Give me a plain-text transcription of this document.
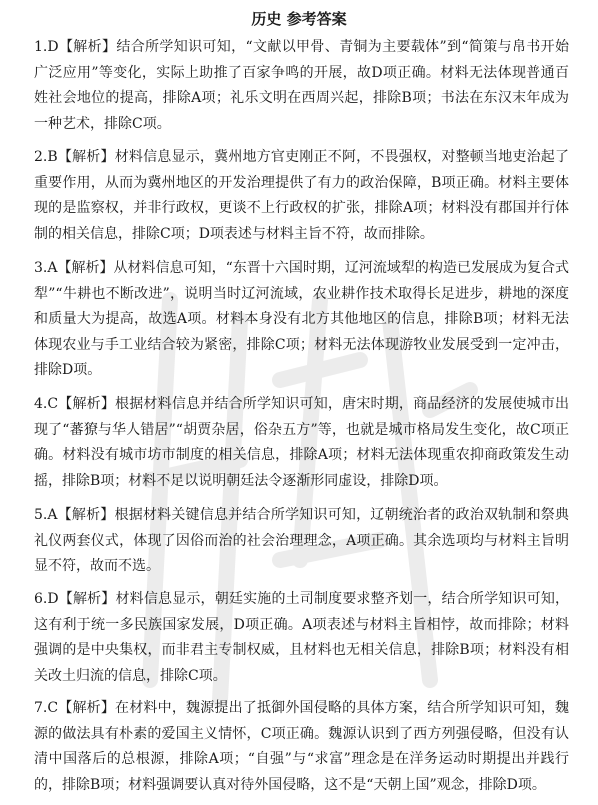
历史 参考答案
1.D【解析】结合所学知识可知，“文献以甲骨、青铜为主要载体”到“简策与帛书开始广泛应用”等变化，实际上助推了百家争鸣的开展，故D项正确。材料无法体现普通百姓社会地位的提高，排除A项；礼乐文明在西周兴起，排除B项；书法在东汉末年成为一种艺术，排除C项。
2.B【解析】材料信息显示，冀州地方官吏刚正不阿，不畏强权，对整顿当地吏治起了重要作用，从而为冀州地区的开发治理提供了有力的政治保障，B项正确。材料主要体现的是监察权，并非行政权，更谈不上行政权的扩张，排除A项；材料没有郡国并行体制的相关信息，排除C项；D项表述与材料主旨不符，故而排除。
3.A【解析】从材料信息可知，“东晋十六国时期，辽河流域犁的构造已发展成为复合式犁”“牛耕也不断改进”，说明当时辽河流域，农业耕作技术取得长足进步，耕地的深度和质量大为提高，故选A项。材料本身没有北方其他地区的信息，排除B项；材料无法体现农业与手工业结合较为紧密，排除C项；材料无法体现游牧业发展受到一定冲击，排除D项。
4.C【解析】根据材料信息并结合所学知识可知，唐宋时期，商品经济的发展使城市出现了“蕃獠与华人错居”“胡贾杂居，俗杂五方”等，也就是城市格局发生变化，故C项正确。材料没有城市坊市制度的相关信息，排除A项；材料无法体现重农抑商政策发生动摇，排除B项；材料不足以说明朝廷法令逐渐形同虚设，排除D项。
5.A【解析】根据材料关键信息并结合所学知识可知，辽朝统治者的政治双轨制和祭典礼仪两套仪式，体现了因俗而治的社会治理理念，A项正确。其余选项均与材料主旨明显不符，故而不选。
6.D【解析】材料信息显示，朝廷实施的土司制度要求整齐划一，结合所学知识可知，这有利于统一多民族国家发展，D项正确。A项表述与材料主旨相悖，故而排除；材料强调的是中央集权，而非君主专制权威，且材料也无相关信息，排除B项；材料没有相关改土归流的信息，排除C项。
7.C【解析】在材料中，魏源提出了抵御外国侵略的具体方案，结合所学知识可知，魏源的做法具有朴素的爱国主义情怀，C项正确。魏源认识到了西方列强侵略，但没有认清中国落后的总根源，排除A项；“自强”与“求富”理念是在洋务运动时期提出并践行的，排除B项；材料强调要认真对待外国侵略，这不是“天朝上国”观念，排除D项。
